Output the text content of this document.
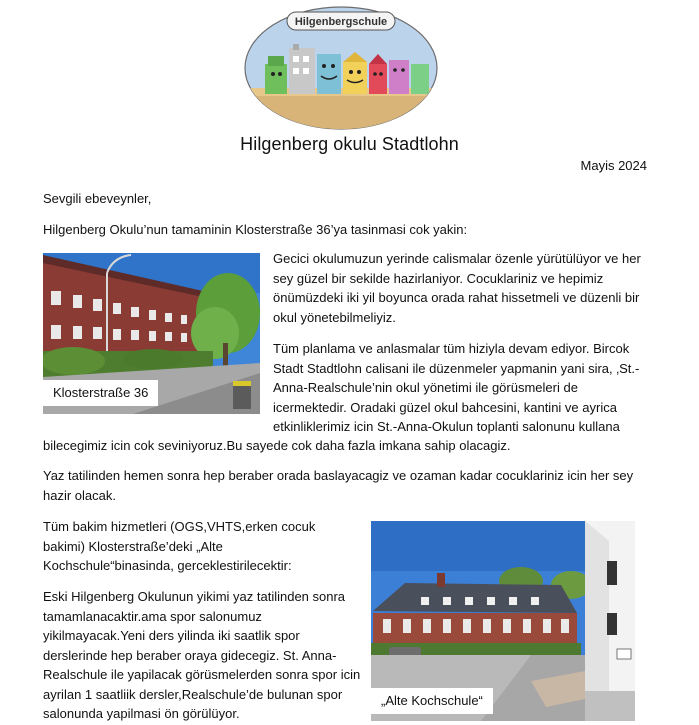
Hilgenbergschule
Hilgenberg okulu Stadtlohn
Mayis 2024

Sevgili ebeveynler,

Hilgenberg Okulu’nun tamaminin Klosterstraße 36’ya tasinmasi cok yakin:

Klosterstraße 36

Gecici okulumuzun yerinde calismalar özenle yürütülüyor ve her sey güzel bir sekilde hazirlaniyor. Cocuklariniz ve hepimiz önümüzdeki iki yil boyunca orada rahat hissetmeli ve düzenli bir okul yönetebilmeliyiz.

Tüm planlama ve anlasmalar tüm hiziyla devam ediyor. Bircok Stadt Stadtlohn calisani ile düzenmeler yapmanin yani sira, ‚St.-Anna-Realschule’nin okul yönetimi ile görüsmeleri de icermektedir. Oradaki güzel okul bahcesini, kantini ve ayrica etkinliklerimiz icin St.-Anna-Okulun toplanti salonunu kullana

bilecegimiz icin cok seviniyoruz.Bu sayede cok daha fazla imkana sahip olacagiz.

Yaz tatilinden hemen sonra hep beraber orada baslayacagiz ve ozaman kadar cocuklariniz icin her sey hazir olacak.

Tüm bakim hizmetleri (OGS,VHTS,erken cocuk bakimi) Klosterstraße’deki „Alte Kochschule“binasinda, gerceklestirilecektir:

Eski Hilgenberg Okulunun yikimi yaz tatilinden sonra tamamlanacaktir.ama spor salonumuz yikilmayacak.Yeni ders yilinda iki saatlik spor derslerinde hep beraber oraya gidecegiz. St. Anna-Realschule ile yapilacak görüsmelerden sonra spor icin ayrilan 1 saatliik dersler,Realschule’de bulunan spor salonunda yapilmasi ön görülüyor.

„Alte Kochschule“
